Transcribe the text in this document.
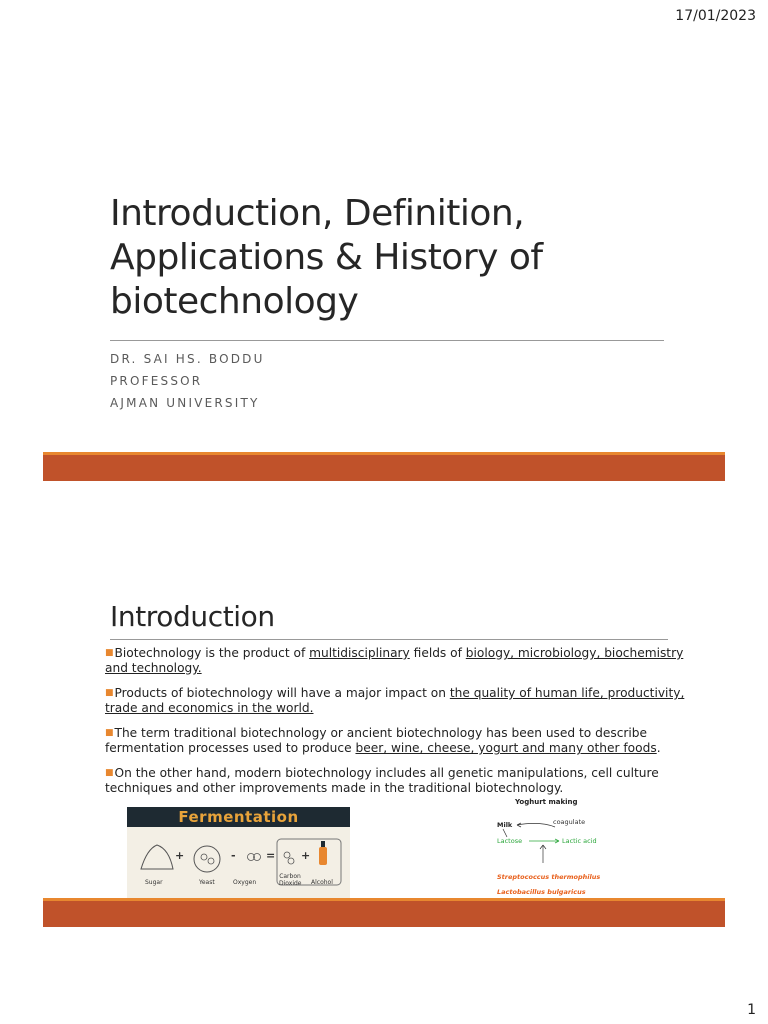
17/01/2023
Introduction, Definition,
Applications & History of
biotechnology
DR. SAI HS. BODDU
PROFESSOR
AJMAN UNIVERSITY
Introduction
■Biotechnology is the product of multidisciplinary fields of biology, microbiology, biochemistry and technology.
■Products of biotechnology will have a major impact on the quality of human life, productivity, trade and economics in the world.
■The term traditional biotechnology or ancient biotechnology has been used to describe fermentation processes used to produce beer, wine, cheese, yogurt and many other foods.
■On the other hand, modern biotechnology includes all genetic manipulations, cell culture techniques and other improvements made in the traditional biotechnology.
Fermentation
Sugar
+
Yeast
-
Oxygen
=
Carbon Dioxide
+
Alcohol
Yoghurt making
Milk	coagulate
Lactose	Lactic acid
Streptococcus thermophilus
Lactobacillus bulgaricus
1
